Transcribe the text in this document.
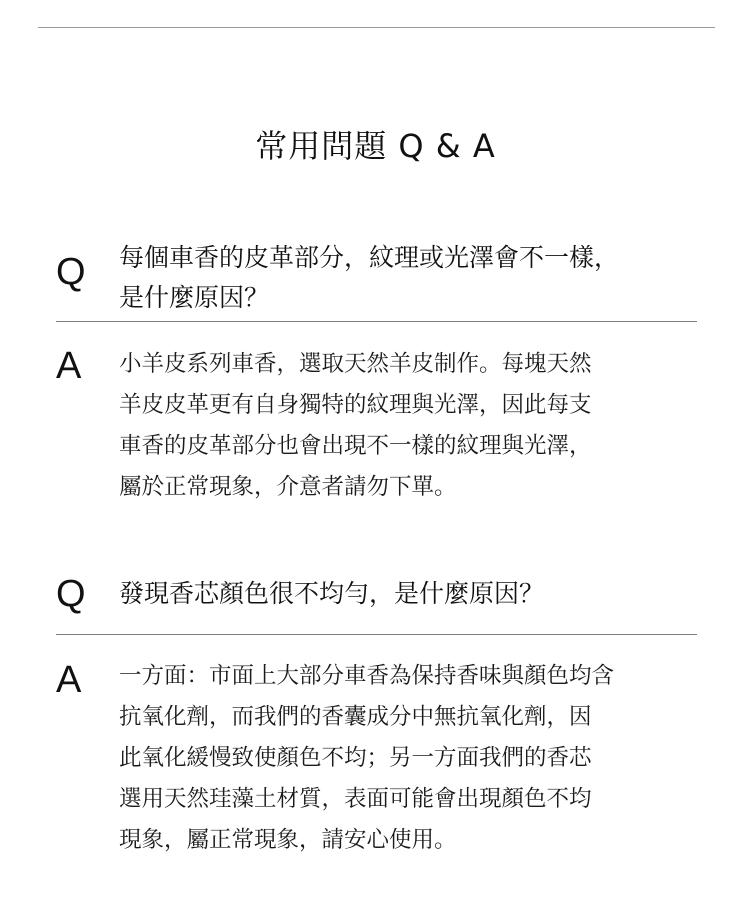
常用問題 Q & A
Q 每個車香的皮革部分，紋理或光澤會不一樣，
是什麼原因？
A 小羊皮系列車香，選取天然羊皮制作。每塊天然
羊皮皮革更有自身獨特的紋理與光澤，因此每支
車香的皮革部分也會出現不一樣的紋理與光澤，
屬於正常現象，介意者請勿下單。
Q 發現香芯顏色很不均勻，是什麼原因？
A 一方面：市面上大部分車香為保持香味與顏色均含
抗氧化劑，而我們的香囊成分中無抗氧化劑，因
此氧化緩慢致使顏色不均；另一方面我們的香芯
選用天然珪藻土材質，表面可能會出現顏色不均
現象，屬正常現象，請安心使用。
